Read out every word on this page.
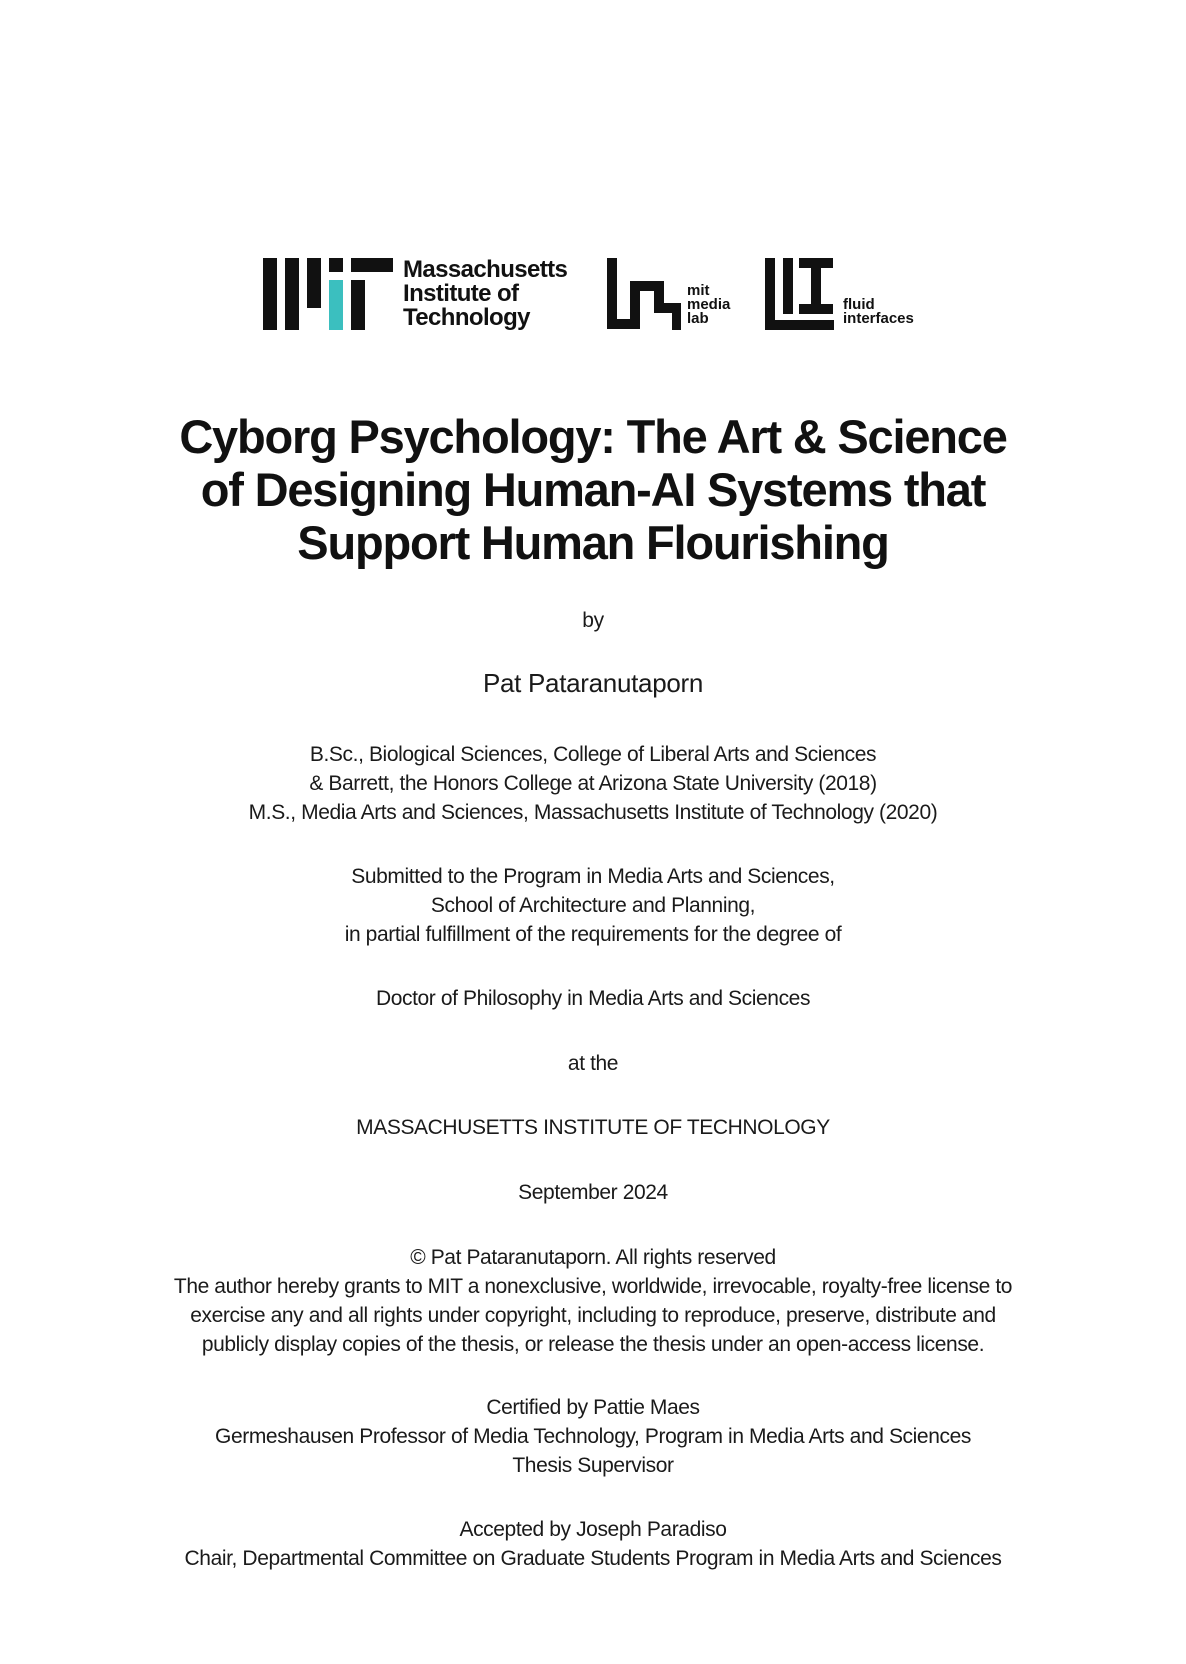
Massachusetts
Institute of
Technology
mit
media
lab
fluid
interfaces
Cyborg Psychology: The Art & Science
of Designing Human-AI Systems that
Support Human Flourishing
by
Pat Pataranutaporn
B.Sc., Biological Sciences, College of Liberal Arts and Sciences
& Barrett, the Honors College at Arizona State University (2018)
M.S., Media Arts and Sciences, Massachusetts Institute of Technology (2020)
Submitted to the Program in Media Arts and Sciences,
School of Architecture and Planning,
in partial fulfillment of the requirements for the degree of
Doctor of Philosophy in Media Arts and Sciences
at the
MASSACHUSETTS INSTITUTE OF TECHNOLOGY
September 2024
© Pat Pataranutaporn. All rights reserved
The author hereby grants to MIT a nonexclusive, worldwide, irrevocable, royalty-free license to
exercise any and all rights under copyright, including to reproduce, preserve, distribute and
publicly display copies of the thesis, or release the thesis under an open-access license.
Certified by Pattie Maes
Germeshausen Professor of Media Technology, Program in Media Arts and Sciences
Thesis Supervisor
Accepted by Joseph Paradiso
Chair, Departmental Committee on Graduate Students Program in Media Arts and Sciences
